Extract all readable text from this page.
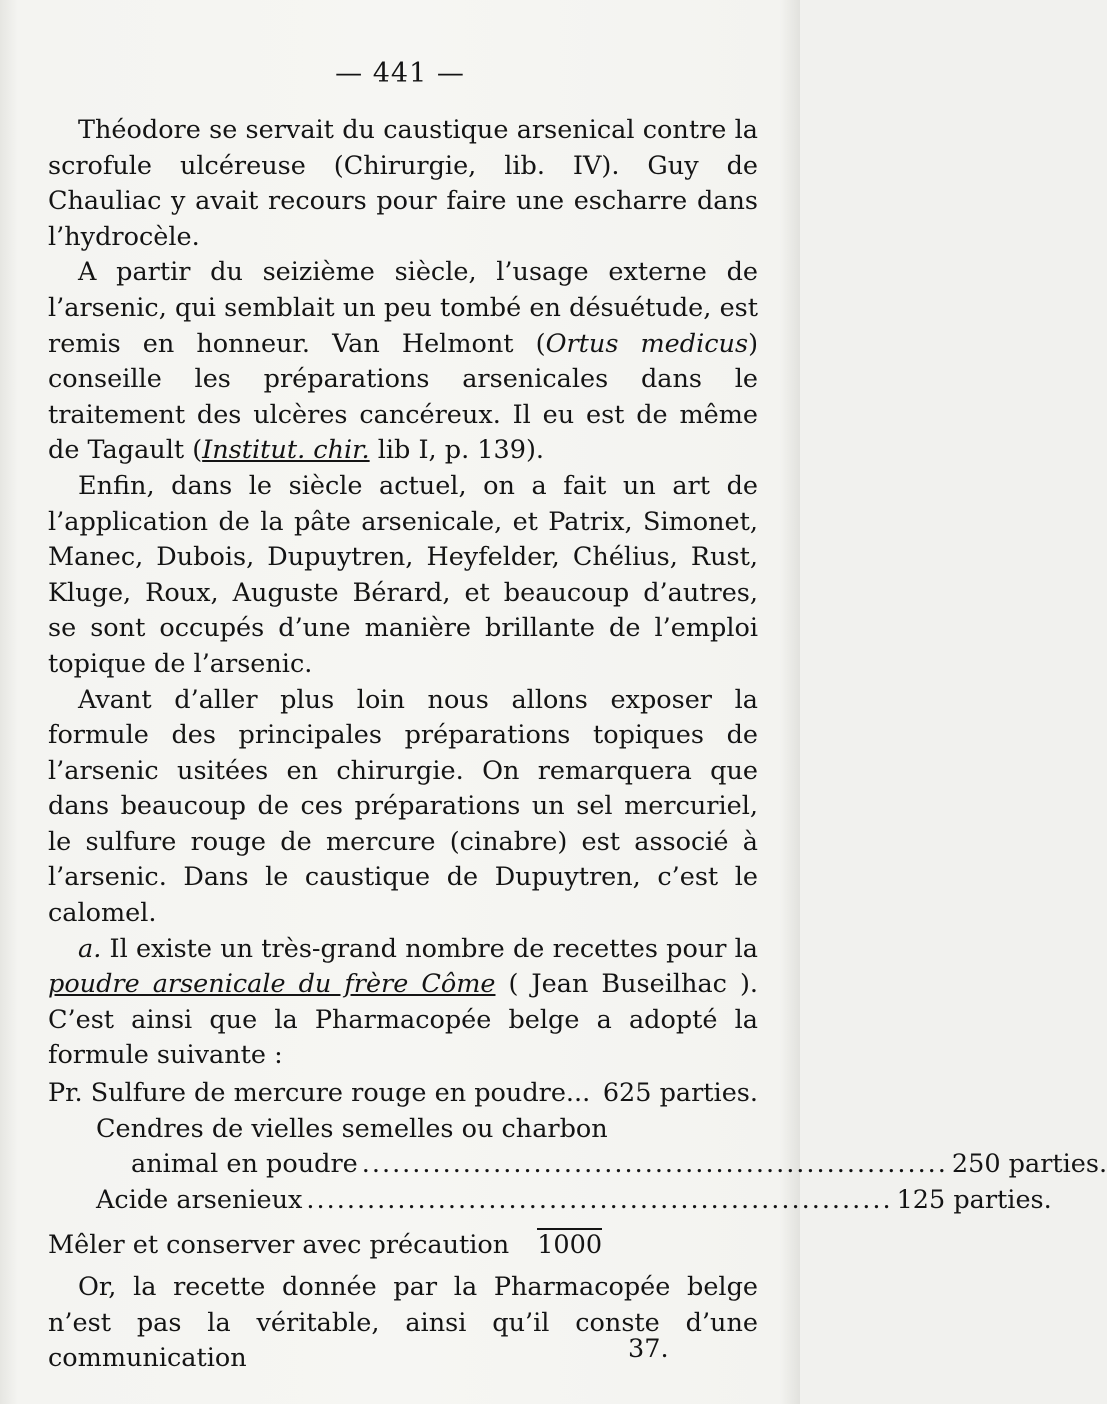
— 441 —

Théodore se servait du caustique arsenical contre la scrofule ulcéreuse (Chirurgie, lib. IV). Guy de Chauliac y avait recours pour faire une escharre dans l’hydrocèle.

A partir du seizième siècle, l’usage externe de l’arsenic, qui semblait un peu tombé en désuétude, est remis en honneur. Van Helmont (Ortus medicus) conseille les préparations arsenicales dans le traitement des ulcères cancéreux. Il eu est de même de Tagault (Institut. chir. lib I, p. 139).

Enfin, dans le siècle actuel, on a fait un art de l’application de la pâte arsenicale, et Patrix, Simonet, Manec, Dubois, Dupuytren, Heyfelder, Chélius, Rust, Kluge, Roux, Auguste Bérard, et beaucoup d’autres, se sont occupés d’une manière brillante de l’emploi topique de l’arsenic.

Avant d’aller plus loin nous allons exposer la formule des principales préparations topiques de l’arsenic usitées en chirurgie. On remarquera que dans beaucoup de ces préparations un sel mercuriel, le sulfure rouge de mercure (cinabre) est associé à l’arsenic. Dans le caustique de Dupuytren, c’est le calomel.

a. Il existe un très-grand nombre de recettes pour la poudre arsenicale du frère Côme ( Jean Buseilhac ). C’est ainsi que la Pharmacopée belge a adopté la formule suivante :

Pr. Sulfure de mercure rouge en poudre... 625 parties.
Cendres de vielles semelles ou charbon
animal en poudre .......................................................... 250 parties.
Acide arsenieux .......................................................... 125 parties.
Mêler et conserver avec précaution 1000

Or, la recette donnée par la Pharmacopée belge n’est pas la véritable, ainsi qu’il conste d’une communication	37.
